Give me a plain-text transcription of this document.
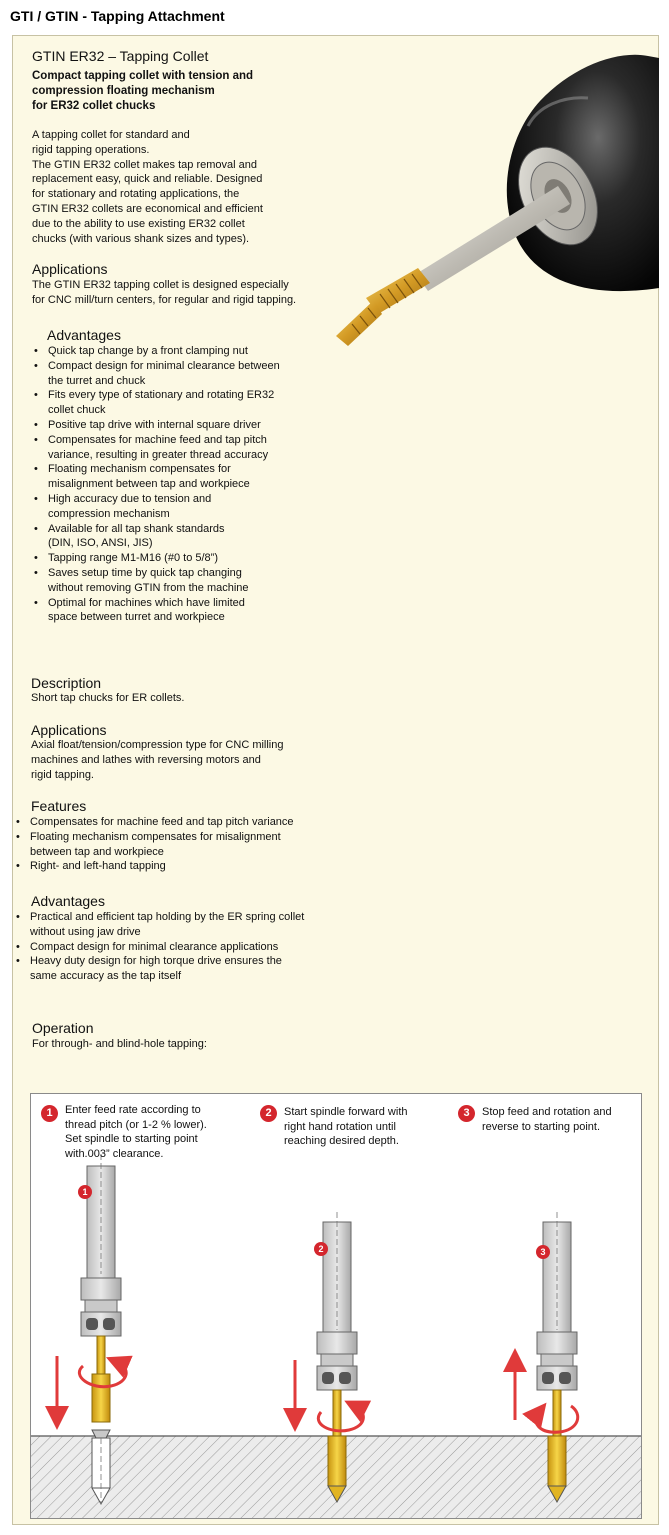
GTI / GTIN - Tapping Attachment
GTIN ER32 – Tapping Collet
Compact tapping collet with tension and
compression floating mechanism
for ER32 collet chucks
A tapping collet for standard and
rigid tapping operations.
The GTIN ER32 collet makes tap removal and
replacement easy, quick and reliable. Designed
for stationary and rotating applications, the
GTIN ER32 collets are economical and efficient
due to the ability to use existing ER32 collet
chucks (with various shank sizes and types).
Applications
The GTIN ER32 tapping collet is designed especially
for CNC mill/turn centers, for regular and rigid tapping.
Advantages
• Quick tap change by a front clamping nut
• Compact design for minimal clearance between
the turret and chuck
• Fits every type of stationary and rotating ER32
collet chuck
• Positive tap drive with internal square driver
• Compensates for machine feed and tap pitch
variance, resulting in greater thread accuracy
• Floating mechanism compensates for
misalignment between tap and workpiece
• High accuracy due to tension and
compression mechanism
• Available for all tap shank standards
(DIN, ISO, ANSI, JIS)
• Tapping range M1-M16 (#0 to 5/8”)
• Saves setup time by quick tap changing
without removing GTIN from the machine
• Optimal for machines which have limited
space between turret and workpiece
Description
Short tap chucks for ER collets.
Applications
Axial float/tension/compression type for CNC milling
machines and lathes with reversing motors and
rigid tapping.
Features
• Compensates for machine feed and tap pitch variance
• Floating mechanism compensates for misalignment
between tap and workpiece
• Right- and left-hand tapping
Advantages
• Practical and efficient tap holding by the ER spring collet
without using jaw drive
• Compact design for minimal clearance applications
• Heavy duty design for high torque drive ensures the
same accuracy as the tap itself
Operation
For through- and blind-hole tapping:
1
2	3
1	Enter feed rate according to
thread pitch (or 1-2 % lower).
Set spindle to starting point
with.003” clearance.
2	Start spindle forward with
right hand rotation until
reaching desired depth.
3	Stop feed and rotation and
reverse to starting point.
